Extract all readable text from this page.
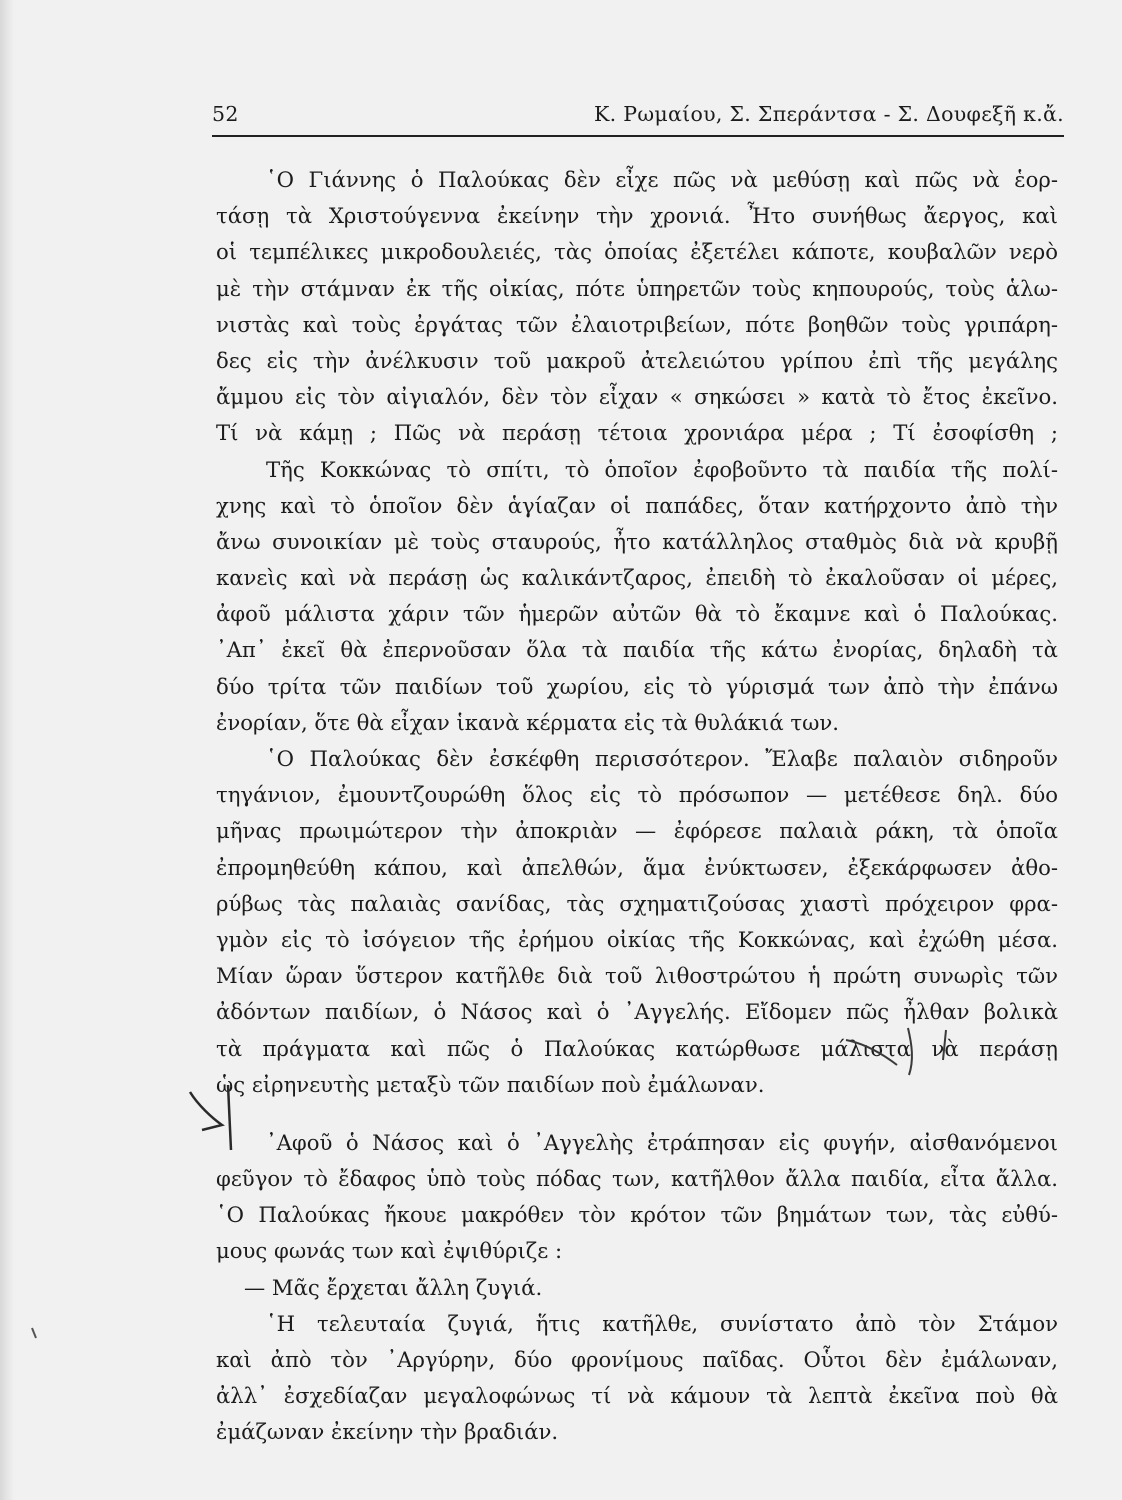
52	Κ. Ρωμαίου, Σ. Σπεράντσα - Σ. Δουφεξῆ κ.ἄ.
῾Ο Γιάννης ὁ Παλούκας δὲν εἶχε πῶς νὰ μεθύσῃ καὶ πῶς νὰ ἑορ-
τάσῃ τὰ Χριστούγεννα ἐκείνην τὴν χρονιά. Ἦτο συνήθως ἄεργος, καὶ
οἱ τεμπέλικες μικροδουλειές, τὰς ὁποίας ἐξετέλει κάποτε, κουβαλῶν νερὸ
μὲ τὴν στάμναν ἐκ τῆς οἰκίας, πότε ὑπηρετῶν τοὺς κηπουρούς, τοὺς ἁλω-
νιστὰς καὶ τοὺς ἐργάτας τῶν ἐλαιοτριβείων, πότε βοηθῶν τοὺς γριπάρη-
δες εἰς τὴν ἀνέλκυσιν τοῦ μακροῦ ἀτελειώτου γρίπου ἐπὶ τῆς μεγάλης
ἄμμου εἰς τὸν αἰγιαλόν, δὲν τὸν εἶχαν « σηκώσει » κατὰ τὸ ἔτος ἐκεῖνο.
Τί νὰ κάμῃ ; Πῶς νὰ περάσῃ τέτοια χρονιάρα μέρα ; Τί ἐσοφίσθη ;
Τῆς Κοκκώνας τὸ σπίτι, τὸ ὁποῖον ἐφοβοῦντο τὰ παιδία τῆς πολί-
χνης καὶ τὸ ὁποῖον δὲν ἁγίαζαν οἱ παπάδες, ὅταν κατήρχοντο ἀπὸ τὴν
ἄνω συνοικίαν μὲ τοὺς σταυρούς, ἦτο κατάλληλος σταθμὸς διὰ νὰ κρυβῇ
κανεὶς καὶ νὰ περάσῃ ὡς καλικάντζαρος, ἐπειδὴ τὸ ἐκαλοῦσαν οἱ μέρες,
ἀφοῦ μάλιστα χάριν τῶν ἡμερῶν αὐτῶν θὰ τὸ ἔκαμνε καὶ ὁ Παλούκας.
᾿Απ᾿ ἐκεῖ θὰ ἐπερνοῦσαν ὅλα τὰ παιδία τῆς κάτω ἐνορίας, δηλαδὴ τὰ
δύο τρίτα τῶν παιδίων τοῦ χωρίου, εἰς τὸ γύρισμά των ἀπὸ τὴν ἐπάνω
ἐνορίαν, ὅτε θὰ εἶχαν ἱκανὰ κέρματα εἰς τὰ θυλάκιά των.
῾Ο Παλούκας δὲν ἐσκέφθη περισσότερον. Ἔλαβε παλαιὸν σιδηροῦν
τηγάνιον, ἐμουντζουρώθη ὅλος εἰς τὸ πρόσωπον — μετέθεσε δηλ. δύο
μῆνας πρωιμώτερον τὴν ἀποκριὰν — ἐφόρεσε παλαιὰ ράκη, τὰ ὁποῖα
ἐπρομηθεύθη κάπου, καὶ ἀπελθών, ἅμα ἐνύκτωσεν, ἐξεκάρφωσεν ἀθο-
ρύβως τὰς παλαιὰς σανίδας, τὰς σχηματιζούσας χιαστὶ πρόχειρον φρα-
γμὸν εἰς τὸ ἰσόγειον τῆς ἐρήμου οἰκίας τῆς Κοκκώνας, καὶ ἐχώθη μέσα.
Μίαν ὥραν ὕστερον κατῆλθε διὰ τοῦ λιθοστρώτου ἡ πρώτη συνωρὶς τῶν
ἀδόντων παιδίων, ὁ Νάσος καὶ ὁ ᾿Αγγελής. Εἴδομεν πῶς ἦλθαν βολικὰ
τὰ πράγματα καὶ πῶς ὁ Παλούκας κατώρθωσε μάλιστα νὰ περάσῃ
ὡς εἰρηνευτὴς μεταξὺ τῶν παιδίων ποὺ ἐμάλωναν.
᾿Αφοῦ ὁ Νάσος καὶ ὁ ᾿Αγγελὴς ἐτράπησαν εἰς φυγήν, αἰσθανόμενοι
φεῦγον τὸ ἔδαφος ὑπὸ τοὺς πόδας των, κατῆλθον ἄλλα παιδία, εἶτα ἄλλα.
῾Ο Παλούκας ἤκουε μακρόθεν τὸν κρότον τῶν βημάτων των, τὰς εὐθύ-
μους φωνάς των καὶ ἐψιθύριζε :
— Μᾶς ἔρχεται ἄλλη ζυγιά.
῾Η τελευταία ζυγιά, ἥτις κατῆλθε, συνίστατο ἀπὸ τὸν Στάμον
καὶ ἀπὸ τὸν ᾿Αργύρην, δύο φρονίμους παῖδας. Οὗτοι δὲν ἐμάλωναν,
ἀλλ᾿ ἐσχεδίαζαν μεγαλοφώνως τί νὰ κάμουν τὰ λεπτὰ ἐκεῖνα ποὺ θὰ
ἐμάζωναν ἐκείνην τὴν βραδιάν.
